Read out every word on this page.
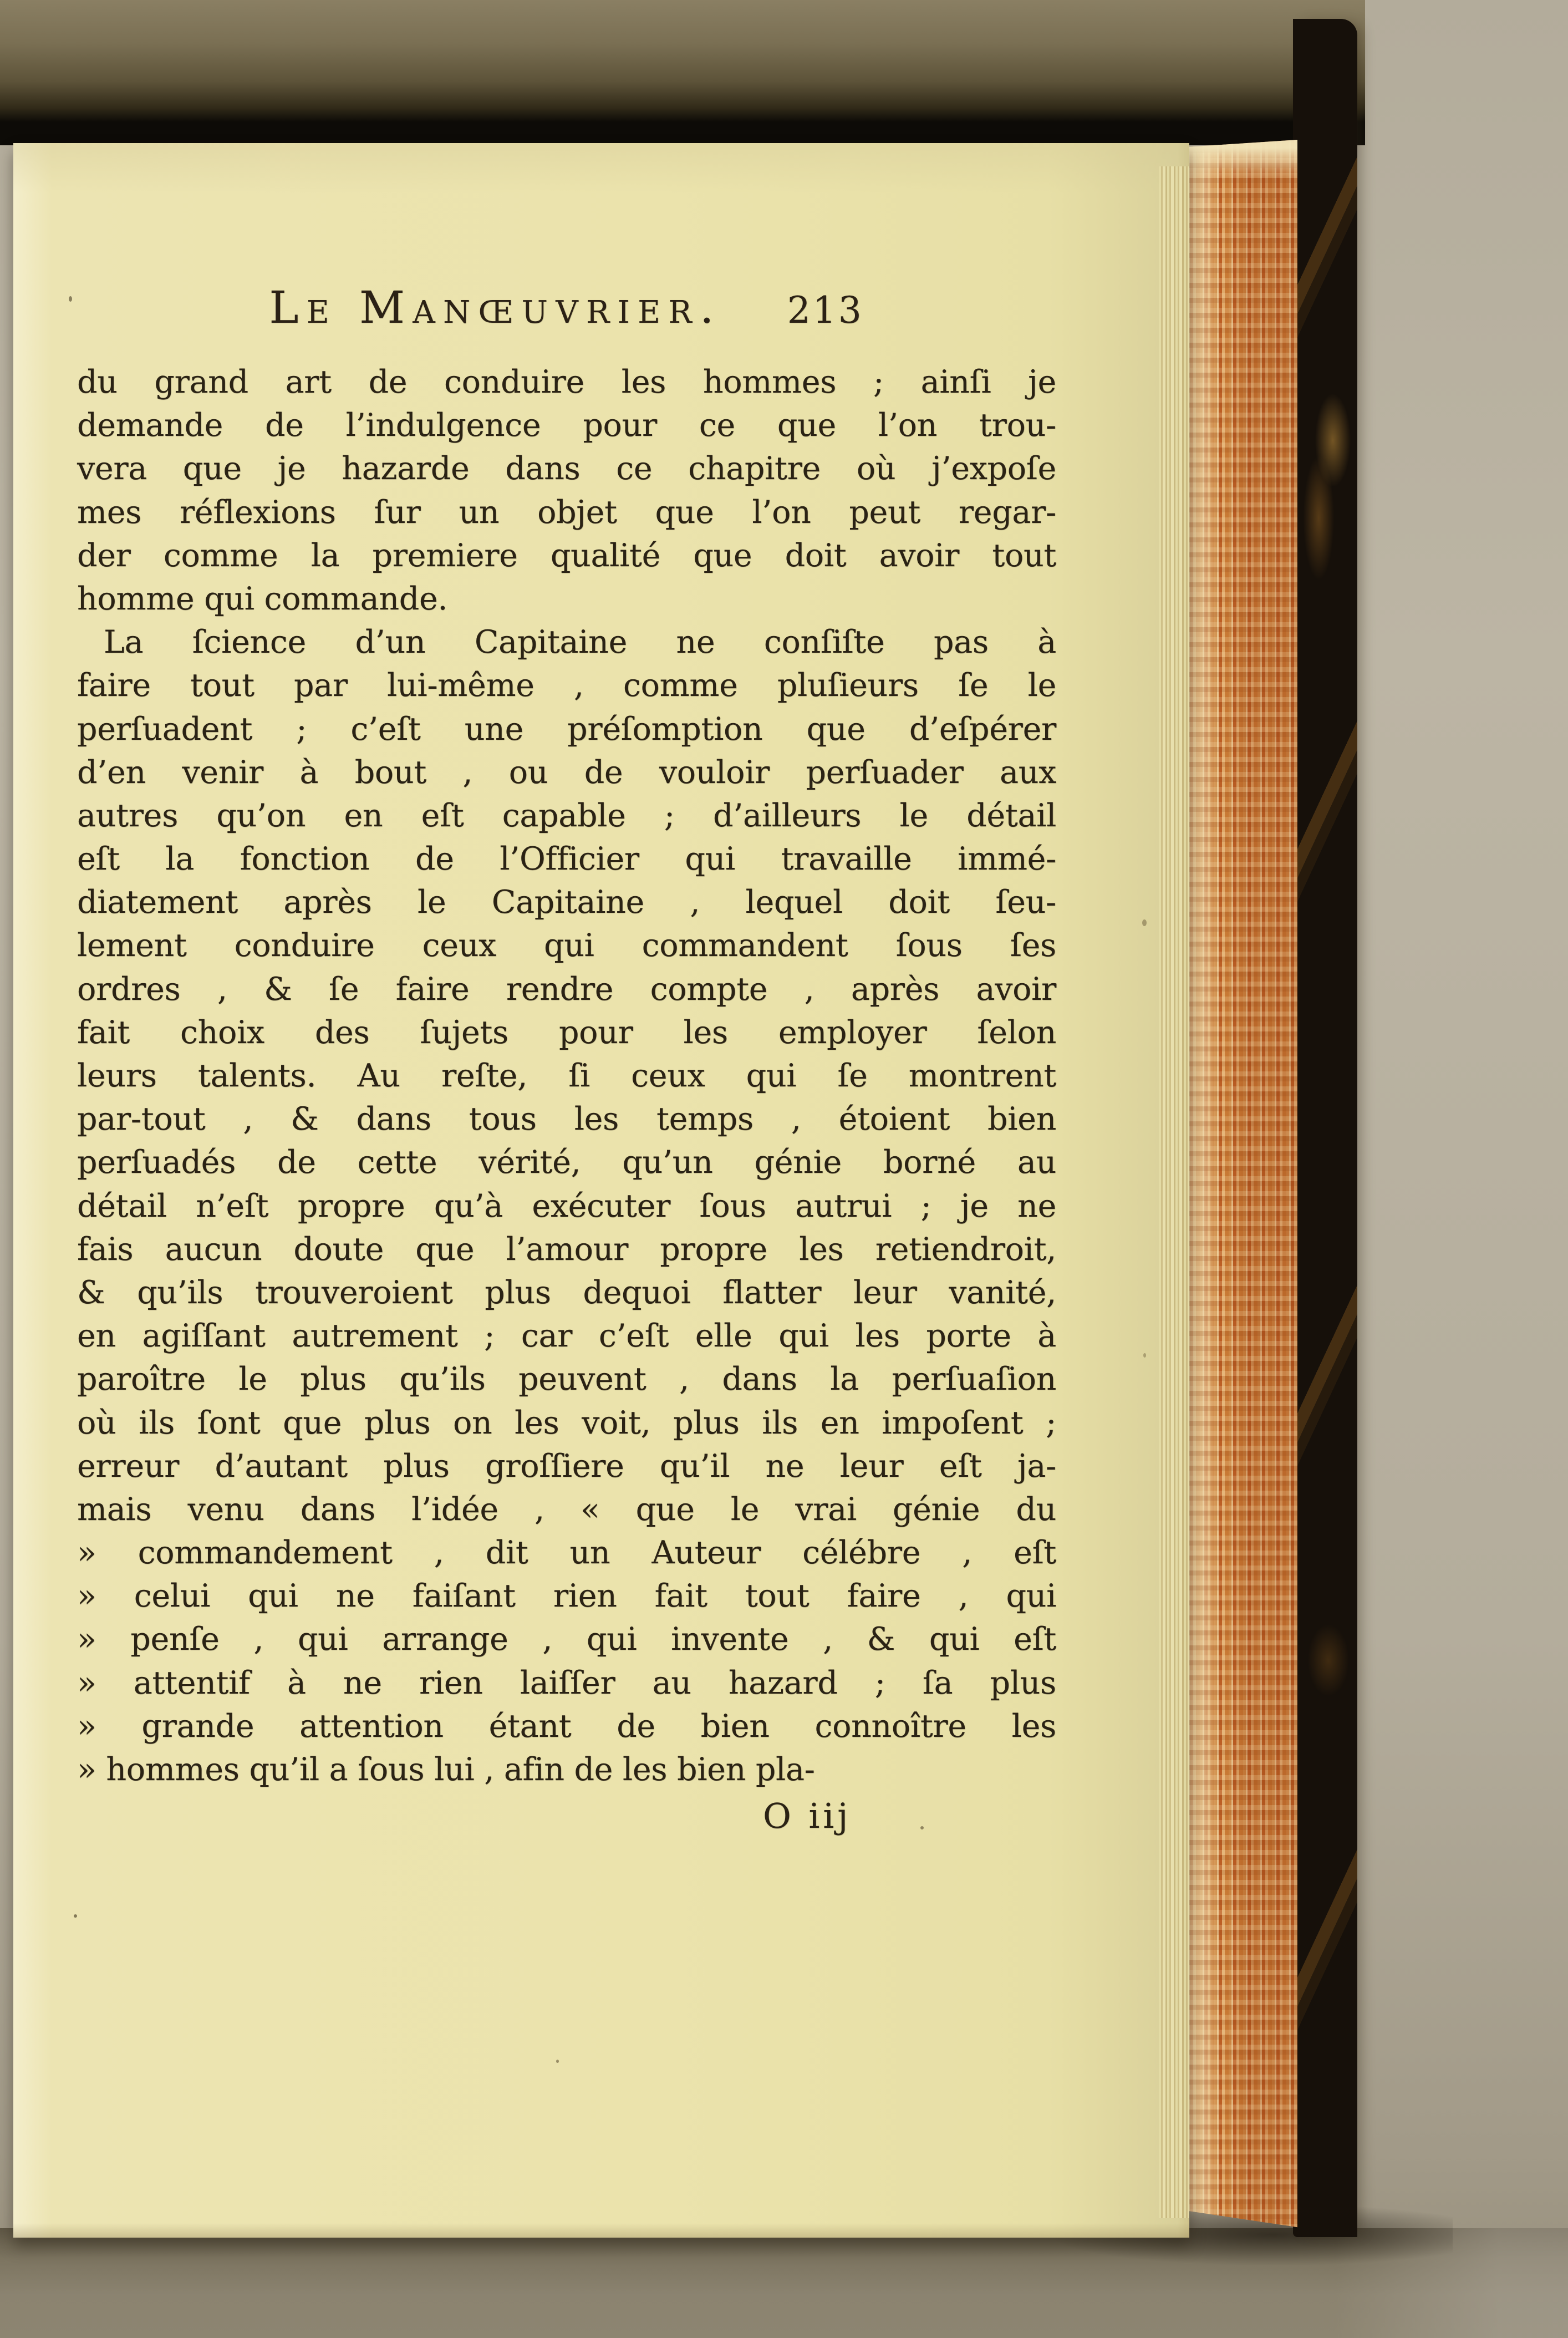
Le Manœuvrier. 213
du grand art de conduire les hommes ; ainſi je
demande de l’indulgence pour ce que l’on trou-
vera que je hazarde dans ce chapitre où j’expoſe
mes réflexions ſur un objet que l’on peut regar-
der comme la premiere qualité que doit avoir tout
homme qui commande.
La ſcience d’un Capitaine ne conſiſte pas à
faire tout par lui-même , comme pluſieurs ſe le
perſuadent ; c’eſt une préſomption que d’eſpérer
d’en venir à bout , ou de vouloir perſuader aux
autres qu’on en eſt capable ; d’ailleurs le détail
eſt la fonction de l’Officier qui travaille immé-
diatement après le Capitaine , lequel doit ſeu-
lement conduire ceux qui commandent ſous ſes
ordres , & ſe faire rendre compte , après avoir
fait choix des ſujets pour les employer ſelon
leurs talents. Au reſte, ſi ceux qui ſe montrent
par-tout , & dans tous les temps , étoient bien
perſuadés de cette vérité, qu’un génie borné au
détail n’eſt propre qu’à exécuter ſous autrui ; je ne
fais aucun doute que l’amour propre les retiendroit,
& qu’ils trouveroient plus dequoi flatter leur vanité,
en agiſſant autrement ; car c’eſt elle qui les porte à
paroître le plus qu’ils peuvent , dans la perſuaſion
où ils ſont que plus on les voit, plus ils en impoſent ;
erreur d’autant plus groſſiere qu’il ne leur eſt ja-
mais venu dans l’idée , « que le vrai génie du
» commandement , dit un Auteur célébre , eſt
» celui qui ne faiſant rien fait tout faire , qui
» penſe , qui arrange , qui invente , & qui eſt
» attentif à ne rien laiſſer au hazard ; ſa plus
» grande attention étant de bien connoître les
» hommes qu’il a ſous lui , afin de les bien pla-
O iij
